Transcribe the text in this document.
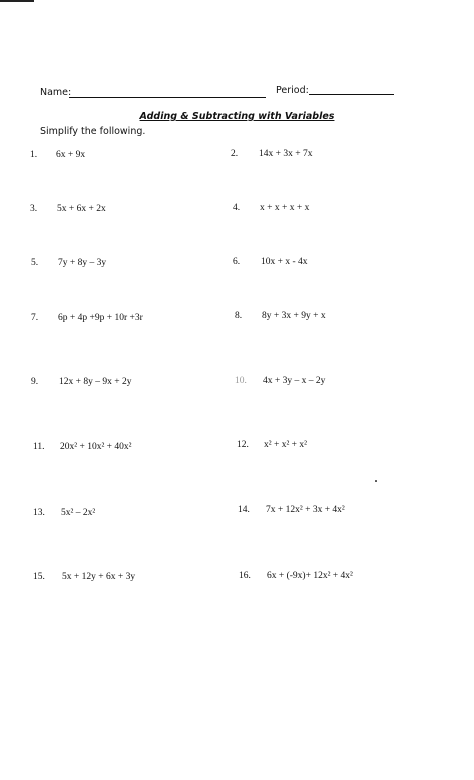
Name:	Period:
Adding & Subtracting with Variables
Simplify the following.
1. 6x + 9x
3. 5x + 6x + 2x
5. 7y + 8y – 3y
7. 6p + 4p +9p + 10r +3r
9. 12x + 8y – 9x + 2y
11. 20x² + 10x² + 40x²
13. 5x² – 2x²
15. 5x + 12y + 6x + 3y
2. 14x + 3x + 7x
4. x + x + x + x
6. 10x + x - 4x
8. 8y + 3x + 9y + x
10. 4x + 3y – x – 2y
12. x² + x² + x²
14. 7x + 12x² + 3x + 4x²
16. 6x + (-9x)+ 12x² + 4x²
